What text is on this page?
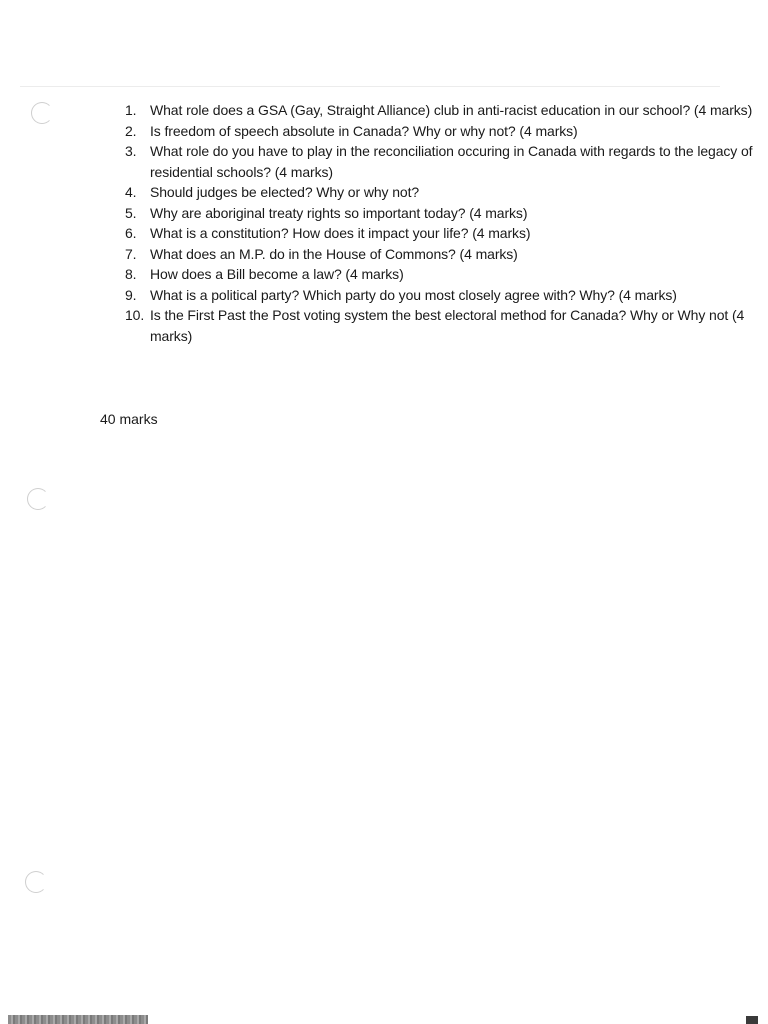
1. What role does a GSA (Gay, Straight Alliance) club in anti-racist education in our school? (4 marks)
2. Is freedom of speech absolute in Canada? Why or why not? (4 marks)
3. What role do you have to play in the reconciliation occuring in Canada with regards to the legacy of residential schools? (4 marks)
4. Should judges be elected? Why or why not?
5. Why are aboriginal treaty rights so important today? (4 marks)
6. What is a constitution? How does it impact your life? (4 marks)
7. What does an M.P. do in the House of Commons? (4 marks)
8. How does a Bill become a law? (4 marks)
9. What is a political party? Which party do you most closely agree with? Why? (4 marks)
10. Is the First Past the Post voting system the best electoral method for Canada? Why or Why not (4 marks)
40 marks
